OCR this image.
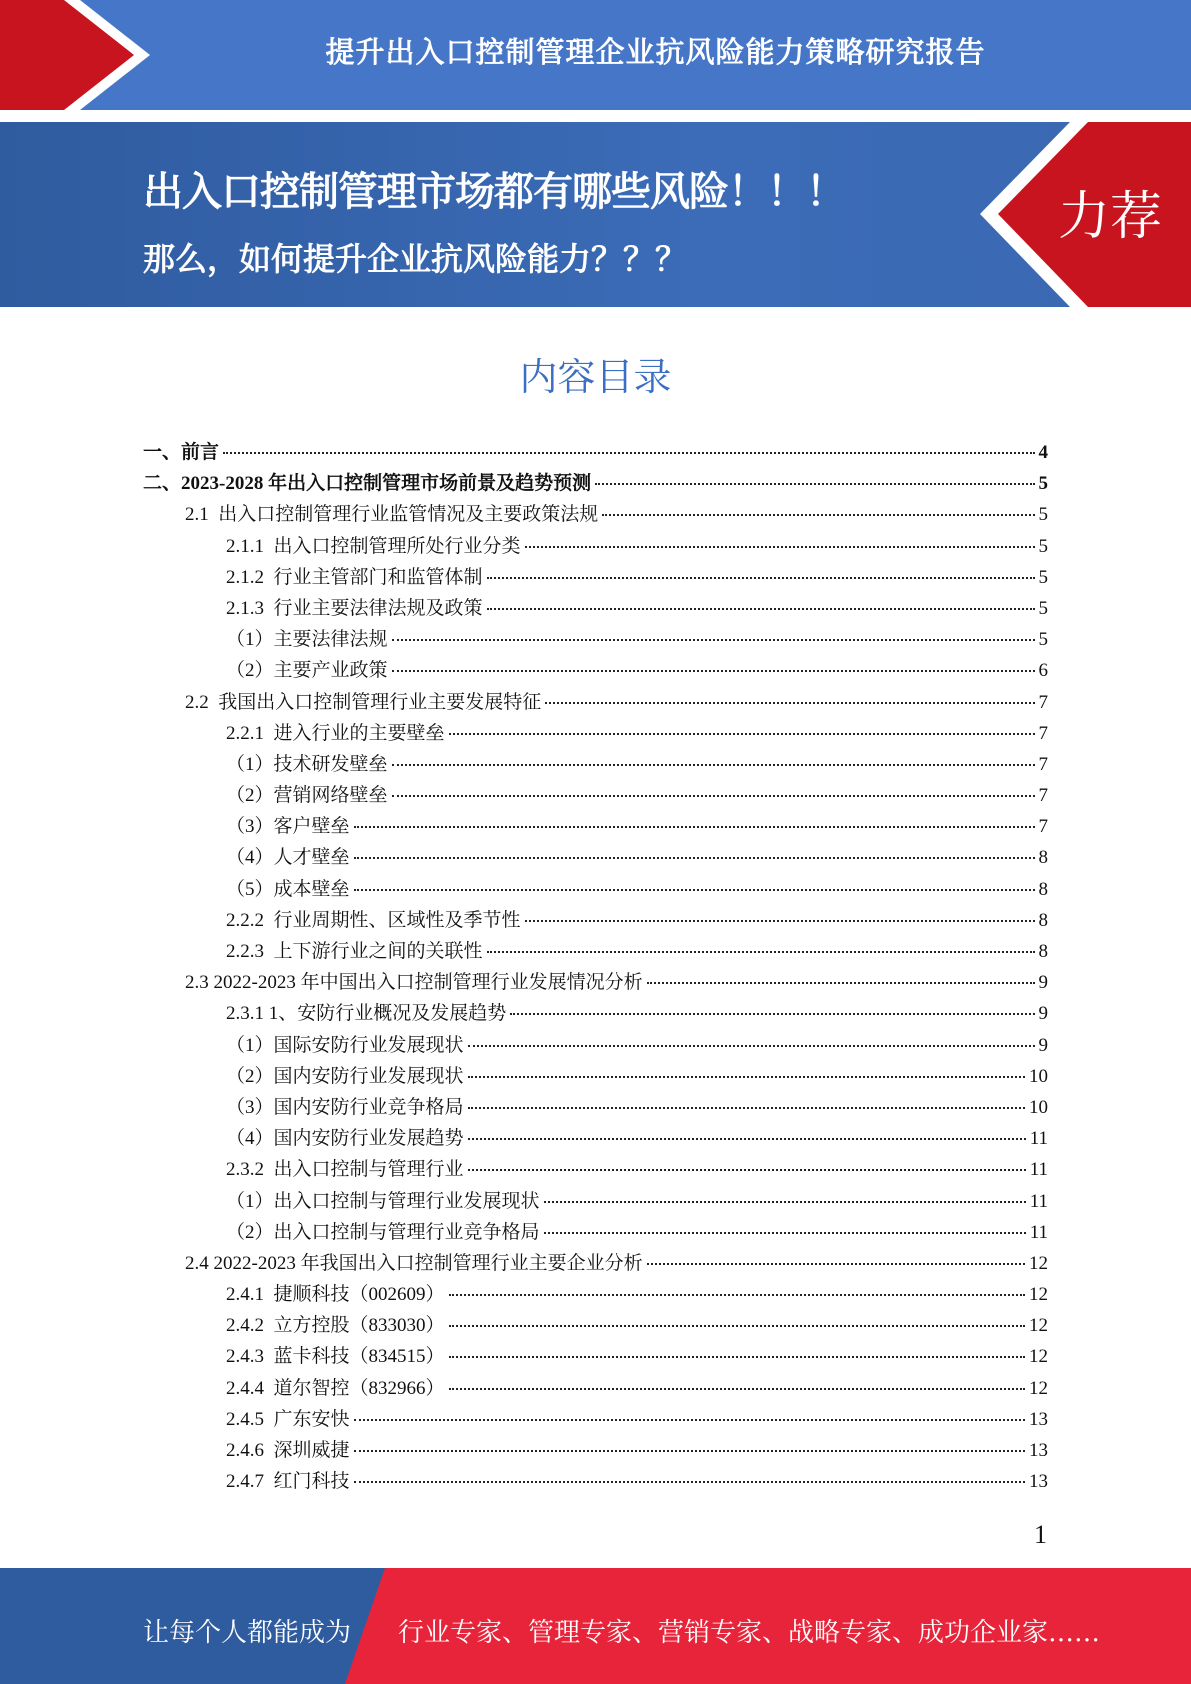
提升出入口控制管理企业抗风险能力策略研究报告
出入口控制管理市场都有哪些风险！！！
那么，如何提升企业抗风险能力？？？
力荐
内容目录
一、前言	4
二、2023-2028 年出入口控制管理市场前景及趋势预测	5
2.1  出入口控制管理行业监管情况及主要政策法规	5
2.1.1  出入口控制管理所处行业分类	5
2.1.2  行业主管部门和监管体制	5
2.1.3  行业主要法律法规及政策	5
（1）主要法律法规	5
（2）主要产业政策	6
2.2  我国出入口控制管理行业主要发展特征	7
2.2.1  进入行业的主要壁垒	7
（1）技术研发壁垒	7
（2）营销网络壁垒	7
（3）客户壁垒	7
（4）人才壁垒	8
（5）成本壁垒	8
2.2.2  行业周期性、区域性及季节性	8
2.2.3  上下游行业之间的关联性	8
2.3 2022-2023 年中国出入口控制管理行业发展情况分析	9
2.3.1 1、安防行业概况及发展趋势	9
（1）国际安防行业发展现状	9
（2）国内安防行业发展现状	10
（3）国内安防行业竞争格局	10
（4）国内安防行业发展趋势	11
2.3.2  出入口控制与管理行业	11
（1）出入口控制与管理行业发展现状	11
（2）出入口控制与管理行业竞争格局	11
2.4 2022-2023 年我国出入口控制管理行业主要企业分析	12
2.4.1  捷顺科技（002609）	12
2.4.2  立方控股（833030）	12
2.4.3  蓝卡科技（834515）	12
2.4.4  道尔智控（832966）	12
2.4.5  广东安快	13
2.4.6  深圳威捷	13
2.4.7  红门科技	13
1
让每个人都能成为 行业专家、管理专家、营销专家、战略专家、成功企业家……
